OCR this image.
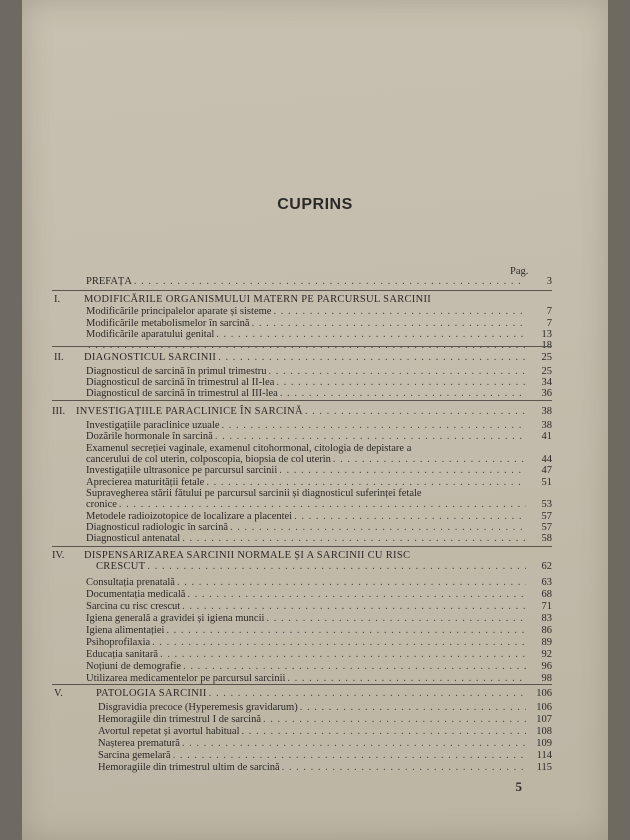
CUPRINS
Pag.
PREFAȚA . . .	3
I. MODIFICĂRILE ORGANISMULUI MATERN PE PARCURSUL SARCINII
Modificările principalelor aparate și sisteme . . .	7
Modificările metabolismelor în sarcină . . .	7
Modificările aparatului genital . . .	13
. . .
II. DIAGNOSTICUL SARCINII . . .	25
Diagnosticul de sarcină în primul trimestru . . .	25
Diagnosticul de sarcină în trimestrul al II-lea . . .	34
Diagnosticul de sarcină în trimestrul al III-lea . . .	36
III. INVESTIGAȚIILE PARACLINICE ÎN SARCINĂ . . .	38
Investigațiile paraclinice uzuale . . .	38
Dozările hormonale în sarcină . . .	41
Examenul secreției vaginale, examenul citohormonal, citologia de depistare a
cancerului de col uterin, colposcopia, biopsia de col uterin . . .	44
Investigațiile ultrasonice pe parcursul sarcinii . . .	47
Aprecierea maturității fetale . . .	51
Supravegherea stării fătului pe parcursul sarcinii și diagnosticul suferinței fetale
cronice . . .	53
Metodele radioizotopice de localizare a placentei . . .	57
Diagnosticul radiologic în sarcină . . .	57
Diagnosticul antenatal . . .	58
IV. DISPENSARIZAREA SARCINII NORMALE ȘI A SARCINII CU RISC
CRESCUT . . .	62
Consultația prenatală . . .	63
Documentația medicală . . .	68
Sarcina cu risc crescut . . .	71
Igiena generală a gravidei și igiena muncii . . .	83
Igiena alimentației . . .	86
Psihoprofilaxia . . .	89
Educația sanitară . . .	92
Noțiuni de demografie . . .	96
Utilizarea medicamentelor pe parcursul sarcinii . . .	98
V.	PATOLOGIA SARCINII . . .	106
Disgravidia precoce (Hyperemesis gravidarum) . . .	106
Hemoragiile din trimestrul I de sarcină . . .	107
Avortul repetat și avortul habitual . . .	108
Nașterea prematură . . .	109
Sarcina gemelară . . .	114
Hemoragiile din trimestrul ultim de sarcină . . .	115
5
